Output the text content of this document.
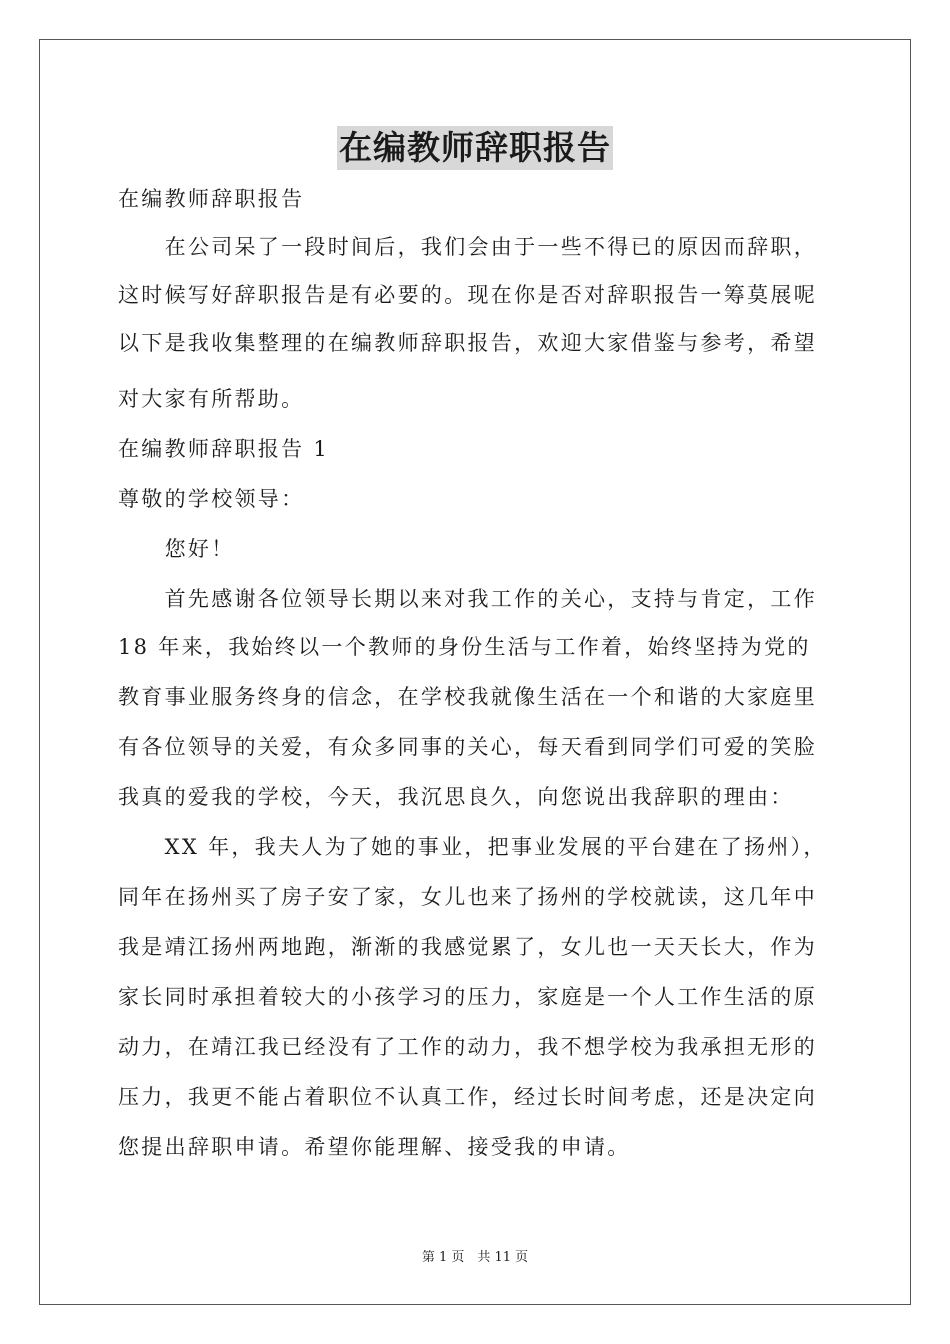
在编教师辞职报告
在编教师辞职报告
　　在公司呆了一段时间后，我们会由于一些不得已的原因而辞职，
这时候写好辞职报告是有必要的。现在你是否对辞职报告一筹莫展呢
以下是我收集整理的在编教师辞职报告，欢迎大家借鉴与参考，希望
对大家有所帮助。
在编教师辞职报告 1
尊敬的学校领导：
　　您好！
　　首先感谢各位领导长期以来对我工作的关心，支持与肯定，工作
18 年来，我始终以一个教师的身份生活与工作着，始终坚持为党的
教育事业服务终身的信念，在学校我就像生活在一个和谐的大家庭里
有各位领导的关爱，有众多同事的关心，每天看到同学们可爱的笑脸
我真的爱我的学校，今天，我沉思良久，向您说出我辞职的理由：
　　XX 年，我夫人为了她的事业，把事业发展的平台建在了扬州），
同年在扬州买了房子安了家，女儿也来了扬州的学校就读，这几年中
我是靖江扬州两地跑，渐渐的我感觉累了，女儿也一天天长大，作为
家长同时承担着较大的小孩学习的压力，家庭是一个人工作生活的原
动力，在靖江我已经没有了工作的动力，我不想学校为我承担无形的
压力，我更不能占着职位不认真工作，经过长时间考虑，还是决定向
您提出辞职申请。希望你能理解、接受我的申请。
第 1 页　共 11 页
